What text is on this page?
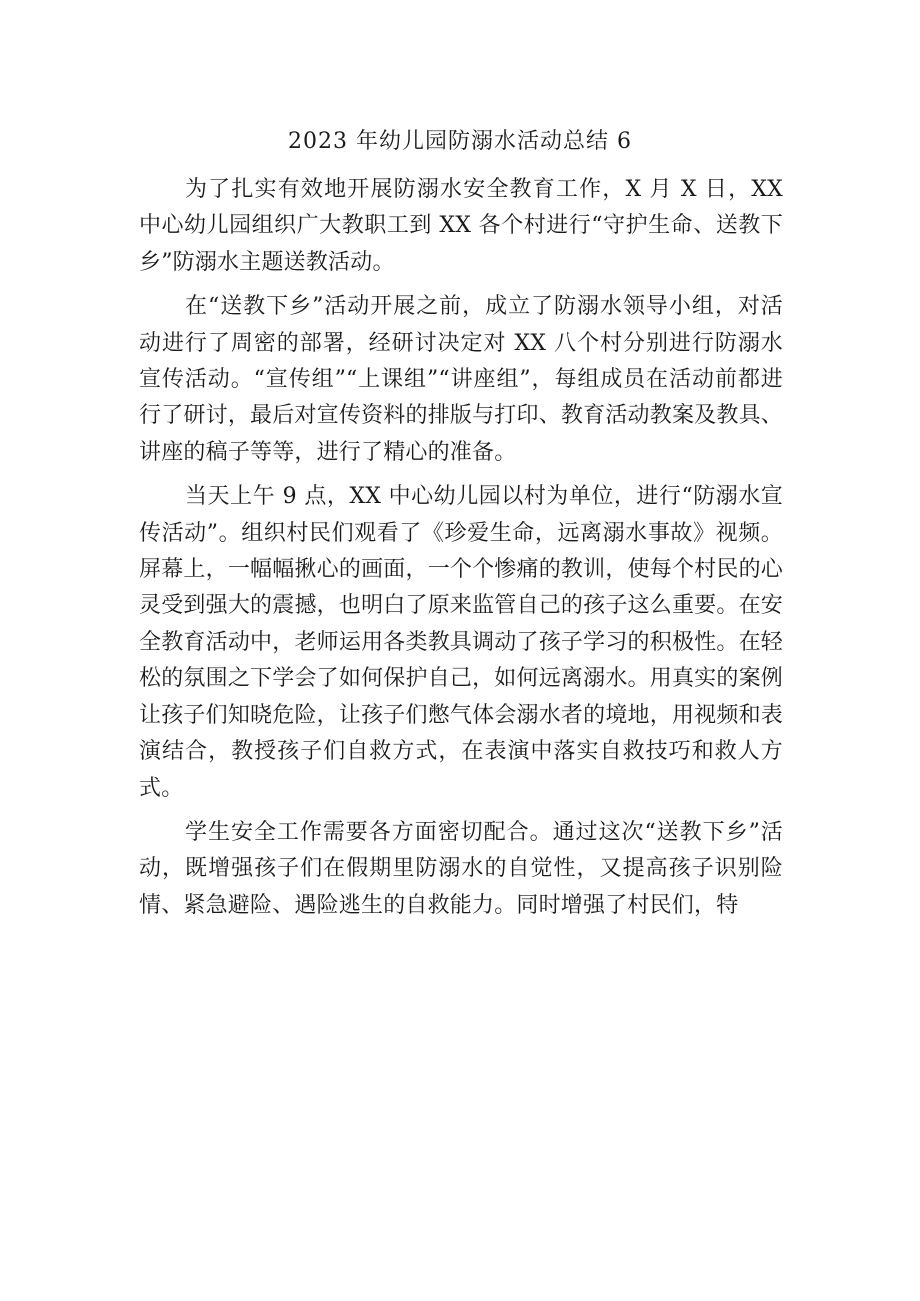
2023 年幼儿园防溺水活动总结 6

为了扎实有效地开展防溺水安全教育工作，X 月 X 日，XX 中心幼儿园组织广大教职工到 XX 各个村进行“守护生命、送教下乡”防溺水主题送教活动。

在“送教下乡”活动开展之前，成立了防溺水领导小组，对活动进行了周密的部署，经研讨决定对 XX 八个村分别进行防溺水宣传活动。“宣传组”“上课组”“讲座组”，每组成员在活动前都进行了研讨，最后对宣传资料的排版与打印、教育活动教案及教具、讲座的稿子等等，进行了精心的准备。

当天上午 9 点，XX 中心幼儿园以村为单位，进行“防溺水宣传活动”。组织村民们观看了《珍爱生命，远离溺水事故》视频。屏幕上，一幅幅揪心的画面，一个个惨痛的教训，使每个村民的心灵受到强大的震撼，也明白了原来监管自己的孩子这么重要。在安全教育活动中，老师运用各类教具调动了孩子学习的积极性。在轻松的氛围之下学会了如何保护自己，如何远离溺水。用真实的案例让孩子们知晓危险，让孩子们憋气体会溺水者的境地，用视频和表演结合，教授孩子们自救方式，在表演中落实自救技巧和救人方式。

学生安全工作需要各方面密切配合。通过这次“送教下乡”活动，既增强孩子们在假期里防溺水的自觉性，又提高孩子识别险情、紧急避险、遇险逃生的自救能力。同时增强了村民们，特
